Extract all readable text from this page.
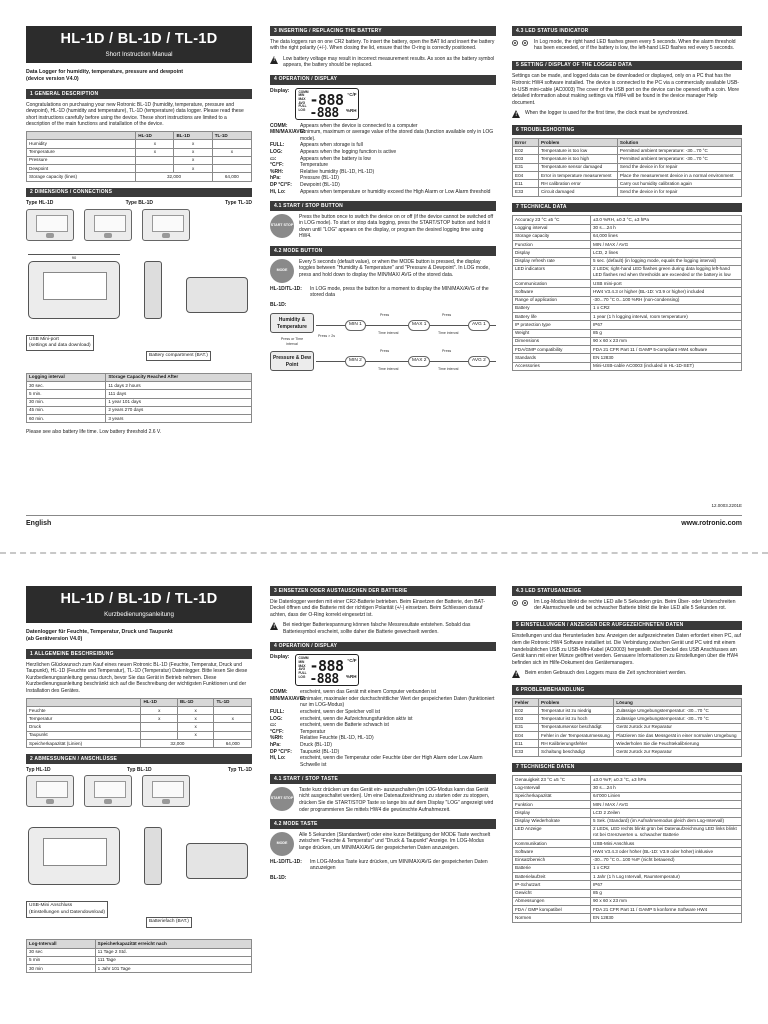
HL-1D / BL-1D / TL-1D
Short Instruction Manual
Data Logger for humidity, temperature, pressure and dewpoint
(device version V4.0)
1 GENERAL DESCRIPTION

Congratulations on purchasing your new Rotronic BL-1D (humidity, temperature, pressure and dewpoint), HL-1D (humidity and temperature), TL-1D (temperature) data logger. Please read these short instructions carefully before using the device. These short instructions are limited to a description of the main functions and installation of the device.

	HL-1D	BL-1D	TL-1D
Humidity	x	x	
Temperature	x	x	x
Pressure		x	
Dewpoint		x	
Storage capacity (lines)	32,000		64,000
2 DIMENSIONS / CONNECTIONS
Type HL-1D	Type BL-1D	Type TL-1D
90
USB Mini-port
(settings and data download)
Battery compartment (BAT.)
Logging interval	Storage Capacity Reached After
30 sec.	11 days 2 hours
5 min.	111 days
30 min.	1 year 101 days
45 min.	2 years 270 days
60 min.	3 years

Please see also battery life time. Low battery threshold 2.6 V.

3 INSERTING / REPLACING THE BATTERY

The data loggers run on one CR2 battery. To insert the battery, open the BAT lid and insert the battery with the right polarity (+/-). When closing the lid, ensure that the O-ring is correctly positioned.

!
Low battery voltage may result in incorrect measurement results. As soon as the battery symbol appears, the battery should be replaced.
4 OPERATION / DISPLAY
Display:	COMM
MIN
MAX
AVG
FULL
LOG
-888
-888
°C/F
%RH
COMM:	Appears when the device is connected to a computer
MIN/MAX/AVG:
Minimum, maximum or average value of the stored data (function available only in LOG mode).
FULL:	Appears when storage is full
LOG:	Appears when the logging function is active
▭:	Appears when the battery is low
°C/°F:	Temperature
%RH:	Relative humidity (BL-1D, HL-1D)
hPa:	Pressure (BL-1D)
DP °C/°F:	Dewpoint (BL-1D)
Hi, Lo:	Appears when temperature or humidity exceed the High Alarm or Low Alarm threshold
4.1 START / STOP BUTTON
START STOP

Press the button once to switch the device on or off (if the device cannot be switched off in LOG mode). To start or stop data logging, press the START/STOP button and hold it down until "LOG" appears on the display, or program the desired logging time using HW4.

4.2 MODE BUTTON
MODE

Every 5 seconds (default value), or when the MODE button is pressed, the display toggles between "Humidity & Temperature" and "Pressure & Dewpoint". In LOG mode, press and hold down to display the MIN/MAX/ AVG of the stored data.

HL-1D/TL-1D:	In LOG mode, press the button for a moment to display the MIN/MAX/AVG of the stored data
BL-1D:
Humidity & Temperature
Pressure & Dew Point
Press or Time interval
Press > 2s
MIN 1	MAX 1	AVG 1
MIN 2	MAX 2	AVG 2
Press	Press
Press	Press
Time interval	Time interval
Time interval	Time interval
4.3 LED STATUS INDICATOR

In Log mode, the right hand LED flashes green every 5 seconds. When the alarm threshold has been exceeded, or if the battery is low, the left-hand LED flashes red every 5 seconds.

5 SETTING / DISPLAY OF THE LOGGED DATA

Settings can be made, and logged data can be downloaded or displayed, only on a PC that has the Rotronic HW4 software installed. The device is connected to the PC via a commercially available USB-to-USB mini-cable (AC0003) The cover of the USB port on the device can be opened with a coin. More detailed information about making settings via HW4 will be found in the device manager Help document.

!
When the logger is used for the first time, the clock must be synchronized.
6 TROUBLESHOOTING
Error	Problem	Solution
E02	Temperature is too low	Permitted ambient temperature: -30...70 °C
E03	Temperature is too high	Permitted ambient temperature: -30...70 °C
E31	Temperature sensor damaged	Send the device in for repair
E04	Error in temperature measurement	Place the measurement device in a normal environment
E11	RH calibration error	Carry out humidity calibration again
E33	Circuit damaged	Send the device in for repair
7 TECHNICAL DATA
Accuracy 23 °C ±5 °C	±3.0 %RH, ±0.3 °C, ±3 hPa
Logging interval	30 s....24 h
Storage capacity	64,000 lines
Function	MIN / MAX / AVG
Display	LCD, 2 lines
Display refresh rate	5 sec. (default) (in logging mode, equals the logging interval)
LED indicators	2 LEDs; right-hand LED flashes green during data logging left-hand LED flashes red when thresholds are exceeded or the battery is low
Communication	USB mini-port
Software	HW4 V3.4.3 or higher (BL-1D: V3.9 or higher) included
Range of application	-30...70 °C 0...100 %RH (non-condensing)
Battery	1 x CR2
Battery life	1 year (1 h logging interval, room temperature)
IP protection type	IP67
Weight	85 g
Dimensions	90 x 60 x 23 mm
FDA/GMP compatibility	FDA 21 CFR Part 11 / GAMP 5-compliant HW4 software
Standards	EN 12830
Accessories	Mini-USB-cable AC0003 (included in HL-1D-SET)
12.0003.2201E
English	www.rotronic.com
HL-1D / BL-1D / TL-1D
Kurzbedienungsanleitung
Datenlogger für Feuchte, Temperatur, Druck und Taupunkt
(ab Gerätversion V4.0)
1 ALLGEMEINE BESCHREIBUNG

Herzlichen Glückwunsch zum Kauf eines neuen Rotronic BL-1D (Feuchte, Temperatur, Druck und Taupunkt), HL-1D (Feuchte und Temperatur), TL-1D (Temperatur) Datenlogger. Bitte lesen Sie diese Kurzbedienungsanleitung genau durch, bevor Sie das Gerät in Betrieb nehmen. Diese Kurzbedienungsanleitung beschränkt sich auf die Beschreibung der wichtigsten Funktionen und der Installation des Gerätes.

	HL-1D	BL-1D	TL-1D
Feuchte	x	x	
Temperatur	x	x	x
Druck		x	
Taupunkt		x	
Speicherkapazität (Linien)	32,000		64,000
2 ABMESSUNGEN / ANSCHLÜSSE
Typ HL-1D	Typ BL-1D	Typ TL-1D
USB-Mini Anschluss
(Einstellungen und Datendownload)
Batteriefach (BAT.)
Log-Intervall	Speicherkapazität erreicht nach
30 sec	11 Tage 2 Std.
5 min	111 Tage
30 min	1 Jahr 101 Tage
3 EINSETZEN ODER AUSTAUSCHEN DER BATTERIE

Die Datenlogger werden mit einer CR2-Batterie betrieben. Beim Einsetzen der Batterie, den BAT-Deckel öffnen und die Batterie mit der richtigen Polarität (+/-) einsetzen. Beim Schliessen darauf achten, dass der O-Ring korrekt eingesetzt ist.

!
Bei niedriger Batteriespannung können falsche Messresultate entstehen. Sobald das Batteriesymbol erscheint, sollte daher die Batterie gewechselt werden.
4 OPERATION / DISPLAY
Display:	COMM
MIN
MAX
AVG
FULL
LOG
-888
-888
°C/F
%RH
COMM:	erscheint, wenn das Gerät mit einem Computer verbunden ist
MIN/MAX/AVG:
Minimaler, maximaler oder durchschnittlicher Wert der gespeicherten Daten (funktioniert nur im LOG-Modus)
FULL:	erscheint, wenn der Speicher voll ist
LOG:	erscheint, wenn die Aufzeichnungsfunktion aktiv ist
▭:	erscheint, wenn die Batterie schwach ist
°C/°F:	Temperatur
%RH:	Relative Feuchte (BL-1D, HL-1D)
hPa:	Druck (BL-1D)
DP °C/°F:	Taupunkt (BL-1D)
Hi, Lo:	erscheint, wenn die Temperatur oder Feuchte über der High Alarm oder Low Alarm Schwelle ist
4.1 START / STOP TASTE
START STOP

Taste kurz drücken um das Gerät ein- auszuschalten (im LOG-Modus kann das Gerät nicht ausgeschaltet werden). Um eine Datenaufzeichnung zu starten oder zu stoppen, drücken Sie die START/STOP Taste so lange bis auf dem Display "LOG" angezeigt wird oder programmieren Sie mittels HW4 die gewünschte Aufnahmezeit.

4.2 MODE TASTE
MODE

Alle 5 Sekunden (Standardwert) oder eine kurze Betätigung der MODE Taste wechselt zwischen "Feuchte & Temperatur" und "Druck & Taupunkt" Anzeige. Im LOG-Modus lange drücken, um MIN/MAX/AVG der gespeicherten Daten anzuzeigen.

HL-1D/TL-1D:	Im LOG-Modus Taste kurz drücken, um MIN/MAX/AVG der gespeicherten Daten anzuzeigen
BL-1D:
4.3 LED STATUSANZEIGE

Im Log-Modus blinkt die rechte LED alle 5 Sekunden grün. Beim Über- oder Unterschreiten der Alarmschwelle und bei schwacher Batterie blinkt die linke LED alle 5 Sekunden rot.

5 EINSTELLUNGEN / ANZEIGEN DER AUFGEZEICHNETEN DATEN

Einstellungen und das Herunterladen bzw. Anzeigen der aufgezeichneten Daten erfordert einen PC, auf dem die Rotronic HW4 Software installiert ist. Die Verbindung zwischen Gerät und PC wird mit einem handelsüblichen USB zu USB-Mini-Kabel (AC0003) hergestellt. Der Deckel des USB Anschlusses am Gerät kann mit einer Münze geöffnet werden. Genauere Informationen zu Einstellungen über die HW4 befinden sich im Hilfe-Dokument des Gerätemanagers.

!
Beim ersten Gebrauch des Loggers muss die Zeit synchronisiert werden.
6 PROBLEMBEHANDLUNG
Fehler	Problem	Lösung
E02	Temperatur ist zu niedrig	Zulässige Umgebungstemperatur: -30...70 °C
E03	Temperatur ist zu hoch	Zulässige Umgebungstemperatur: -30...70 °C
E31	Temperatursensor beschädigt	Gerät zurück zur Reparatur
E04	Fehler in der Temperaturmessung	Platzieren Sie das Messgerät in einer normalen Umgebung
E11	RH Kalibrierungsfehler	Wiederholen Sie die Feuchtekalibrierung
E33	Schaltung beschädigt	Gerät zurück zur Reparatur
7 TECHNISCHE DATEN
Genauigkeit 23 °C ±5 °C	±3.0 %rF, ±0.3 °C, ±3 hPa
Log-Intervall	30 s....24 h
Speicherkapazität	64'000 Linien
Funktion	MIN / MAX / AVG
Display	LCD 2 Zeilen
Display Wiederholrate	5 Sek. (Standard) (im Aufnahmemodus gleich dem Log-Intervall)
LED Anzeige	2 LEDs, LED rechts blinkt grün bei Datenaufzeichnung LED links blinkt rot bei Grenzwerten u. schwacher Batterie
Kommunikation	USB-Mini Anschluss
Software	HW4 V3.4.3 oder höher (BL-1D: V3.9 oder höher) inklusive
Einsatzbereich	-30...70 °C 0...100 %rF (nicht betauend)
Batterie	1 x CR2
Batterielaufzeit	1 Jahr (1 h Log Intervall, Raumtemperatur)
IP-Schutzart	IP67
Gewicht	85 g
Abmessungen	90 x 60 x 23 mm
FDA / GMP kompatibel	FDA 21 CFR Part 11 / GAMP 5 konforme Software HW4
Normen	EN 12830
